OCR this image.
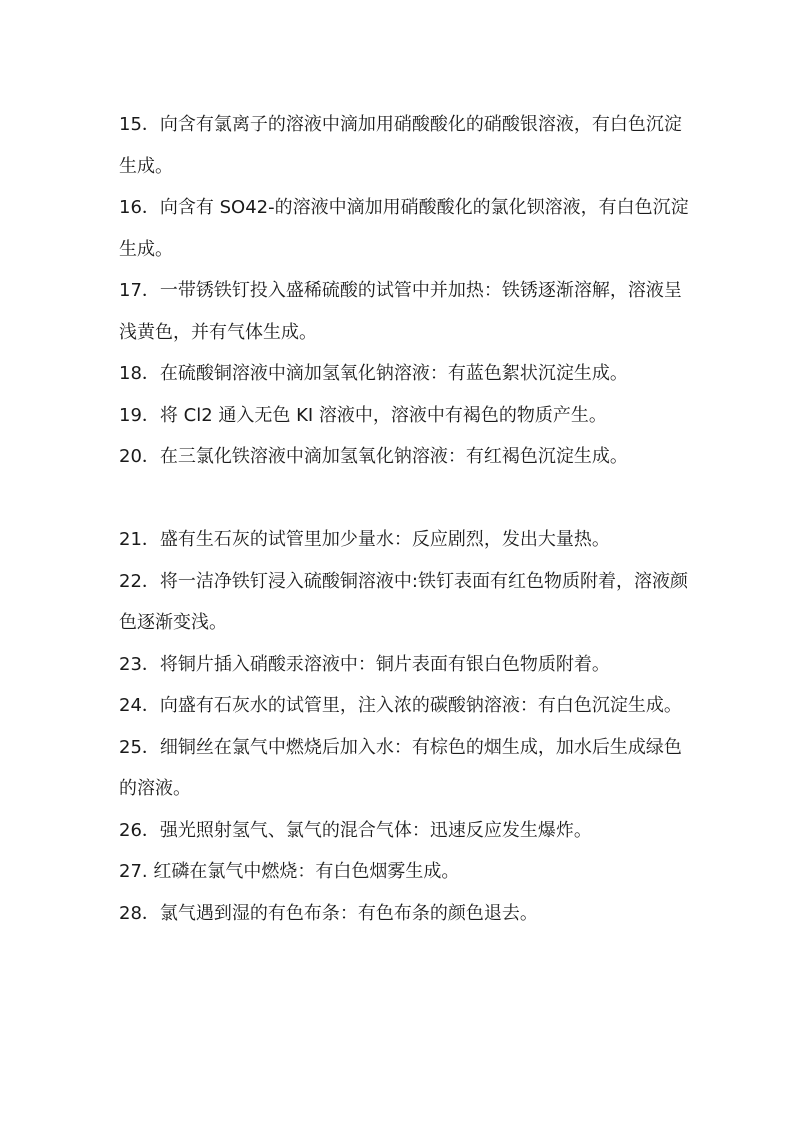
15．向含有氯离子的溶液中滴加用硝酸酸化的硝酸银溶液，有白色沉淀生成。

16．向含有 SO42-的溶液中滴加用硝酸酸化的氯化钡溶液，有白色沉淀生成。

17．一带锈铁钉投入盛稀硫酸的试管中并加热：铁锈逐渐溶解，溶液呈浅黄色，并有气体生成。

18．在硫酸铜溶液中滴加氢氧化钠溶液：有蓝色絮状沉淀生成。

19．将 Cl2 通入无色 KI 溶液中，溶液中有褐色的物质产生。

20．在三氯化铁溶液中滴加氢氧化钠溶液：有红褐色沉淀生成。

21．盛有生石灰的试管里加少量水：反应剧烈，发出大量热。

22．将一洁净铁钉浸入硫酸铜溶液中:铁钉表面有红色物质附着，溶液颜色逐渐变浅。

23．将铜片插入硝酸汞溶液中：铜片表面有银白色物质附着。

24．向盛有石灰水的试管里，注入浓的碳酸钠溶液：有白色沉淀生成。

25．细铜丝在氯气中燃烧后加入水：有棕色的烟生成，加水后生成绿色的溶液。

26．强光照射氢气、氯气的混合气体：迅速反应发生爆炸。

27. 红磷在氯气中燃烧：有白色烟雾生成。

28．氯气遇到湿的有色布条：有色布条的颜色退去。
